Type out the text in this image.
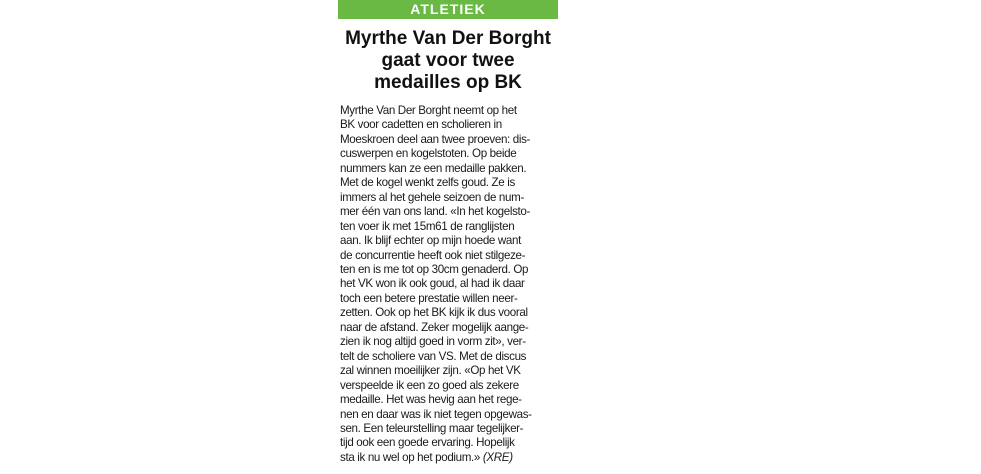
ATLETIEK
Myrthe Van Der Borght
gaat voor twee
medailles op BK
Myrthe Van Der Borght neemt op het
BK voor cadetten en scholieren in
Moeskroen deel aan twee proeven: dis-
cuswerpen en kogelstoten. Op beide
nummers kan ze een medaille pakken.
Met de kogel wenkt zelfs goud. Ze is
immers al het gehele seizoen de num-
mer één van ons land. «In het kogelsto-
ten voer ik met 15m61 de ranglijsten
aan. Ik blijf echter op mijn hoede want
de concurrentie heeft ook niet stilgeze-
ten en is me tot op 30cm genaderd. Op
het VK won ik ook goud, al had ik daar
toch een betere prestatie willen neer-
zetten. Ook op het BK kijk ik dus vooral
naar de afstand. Zeker mogelijk aange-
zien ik nog altijd goed in vorm zit», ver-
telt de scholiere van VS. Met de discus
zal winnen moeilijker zijn. «Op het VK
verspeelde ik een zo goed als zekere
medaille. Het was hevig aan het rege-
nen en daar was ik niet tegen opgewas-
sen. Een teleurstelling maar tegelijker-
tijd ook een goede ervaring. Hopelijk
sta ik nu wel op het podium.» (XRE)
